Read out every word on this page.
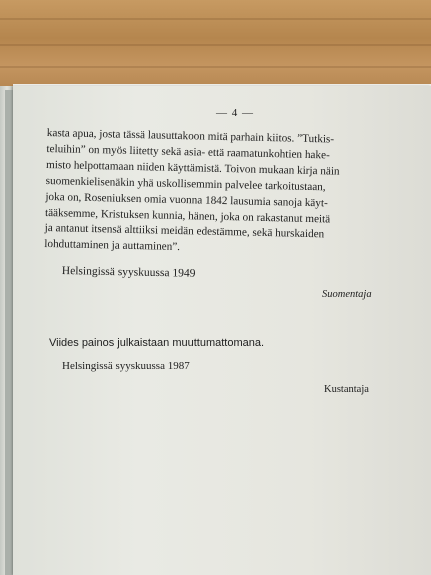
— 4 —
kasta apua, josta tässä lausuttakoon mitä parhain kiitos. ”Tutkis-
teluihin” on myös liitetty sekä asia- että raamatunkohtien hake-
misto helpottamaan niiden käyttämistä. Toivon mukaan kirja näin
suomenkielisenäkin yhä uskollisemmin palvelee tarkoitustaan,
joka on, Roseniuksen omia vuonna 1842 lausumia sanoja käyt-
tääksemme, Kristuksen kunnia, hänen, joka on rakastanut meitä
ja antanut itsensä alttiiksi meidän edestämme, sekä hurskaiden
lohduttaminen ja auttaminen”.
Helsingissä syyskuussa 1949
Suomentaja
Viides painos julkaistaan muuttumattomana.
Helsingissä syyskuussa 1987
Kustantaja
